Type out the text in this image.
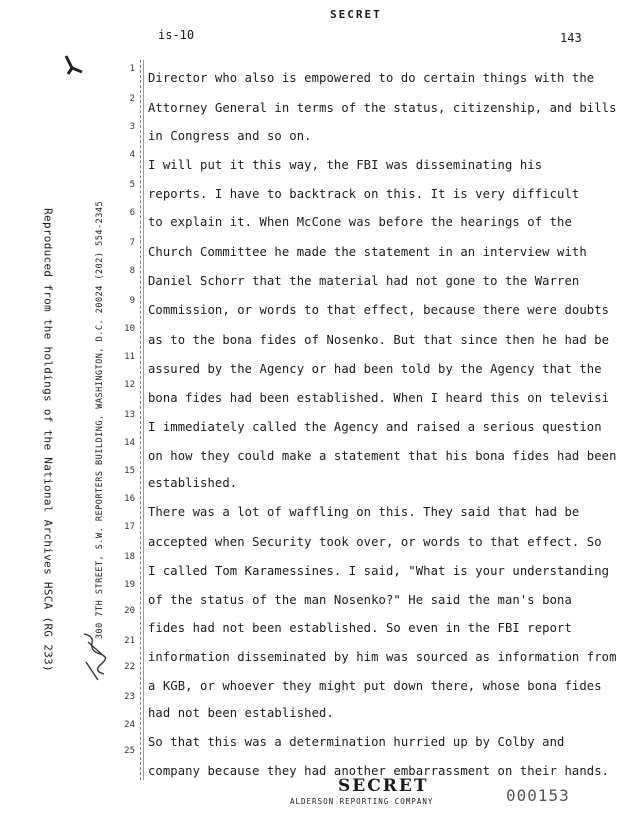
SECRET
is-10	143
Reproduced from the holdings of the National Archives HSCA (RG 233)	300 7TH STREET, S.W. REPORTERS BUILDING, WASHINGTON, D.C. 20024 (202) 554-2345
1
2
3
4
5
6
7
8
9
10
11
12
13
14
15
16
17
18
19
20
21
22
23
24
25
Director who also is empowered to do certain things with the
Attorney General in terms of the status, citizenship, and bills
in Congress and so on.
I will put it this way, the FBI was disseminating his
reports. I have to backtrack on this. It is very difficult
to explain it. When McCone was before the hearings of the
Church Committee he made the statement in an interview with
Daniel Schorr that the material had not gone to the Warren
Commission, or words to that effect, because there were doubts
as to the bona fides of Nosenko. But that since then he had be
assured by the Agency or had been told by the Agency that the
bona fides had been established. When I heard this on televisi
I immediately called the Agency and raised a serious question
on how they could make a statement that his bona fides had been
established.
There was a lot of waffling on this. They said that had be
accepted when Security took over, or words to that effect. So
I called Tom Karamessines. I said, "What is your understanding
of the status of the man Nosenko?" He said the man's bona
fides had not been established. So even in the FBI report
information disseminated by him was sourced as information from
a KGB, or whoever they might put down there, whose bona fides
had not been established.
So that this was a determination hurried up by Colby and
company because they had another embarrassment on their hands.
SECRET
ALDERSON REPORTING COMPANY	000153
